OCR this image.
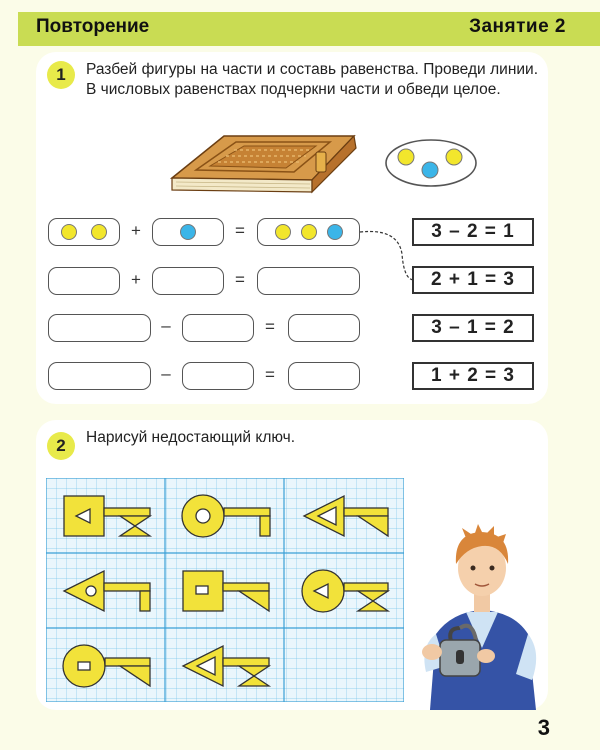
Повторение	Занятие 2
1	Разбей фигуры на части и составь равенства. Проведи линии. В числовых равенствах подчеркни части и обведи целое.
+	=
+	=
–	=
–	=
3 – 2 = 1
2 + 1 = 3
3 – 1 = 2
1 + 2 = 3
2	Нарисуй недостающий ключ.
3
